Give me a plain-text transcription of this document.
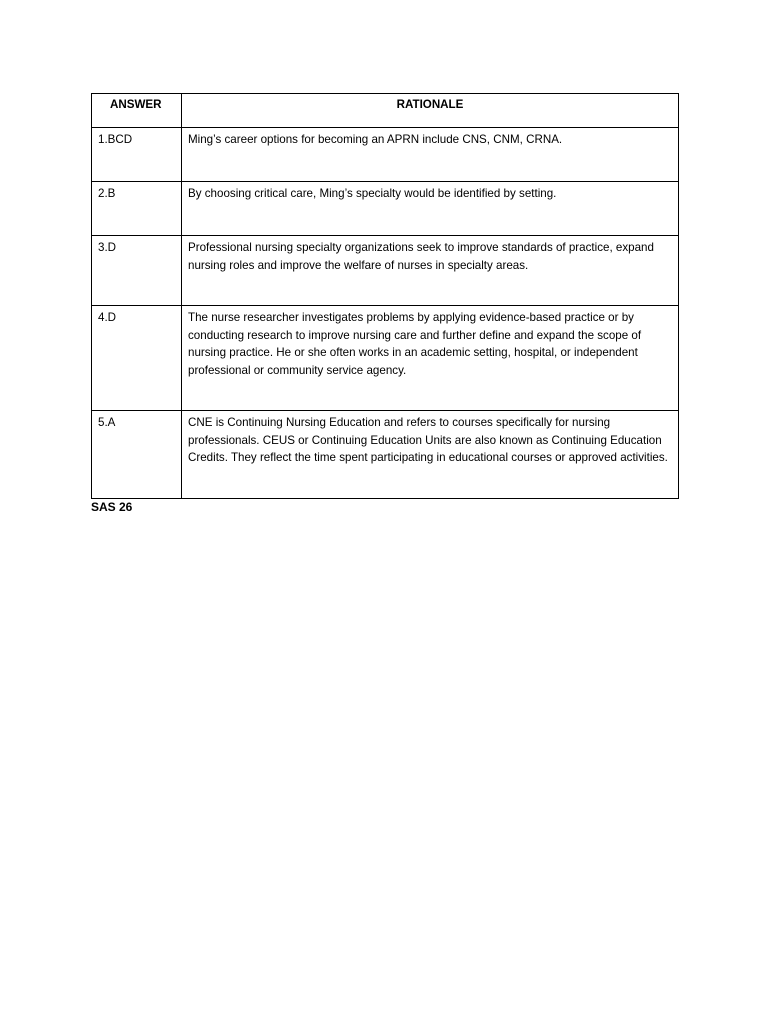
ANSWER	RATIONALE
1.BCD	Ming’s career options for becoming an APRN include CNS, CNM, CRNA.
2.B	By choosing critical care, Ming’s specialty would be identified by setting.
3.D	Professional nursing specialty organizations seek to improve standards of practice, expand nursing roles and improve the welfare of nurses in specialty areas.
4.D	The nurse researcher investigates problems by applying evidence-based practice or by conducting research to improve nursing care and further define and expand the scope of nursing practice. He or she often works in an academic setting, hospital, or independent professional or community service agency.
5.A	CNE is Continuing Nursing Education and refers to courses specifically for nursing professionals. CEUS or Continuing Education Units are also known as Continuing Education Credits. They reflect the time spent participating in educational courses or approved activities.
SAS 26
